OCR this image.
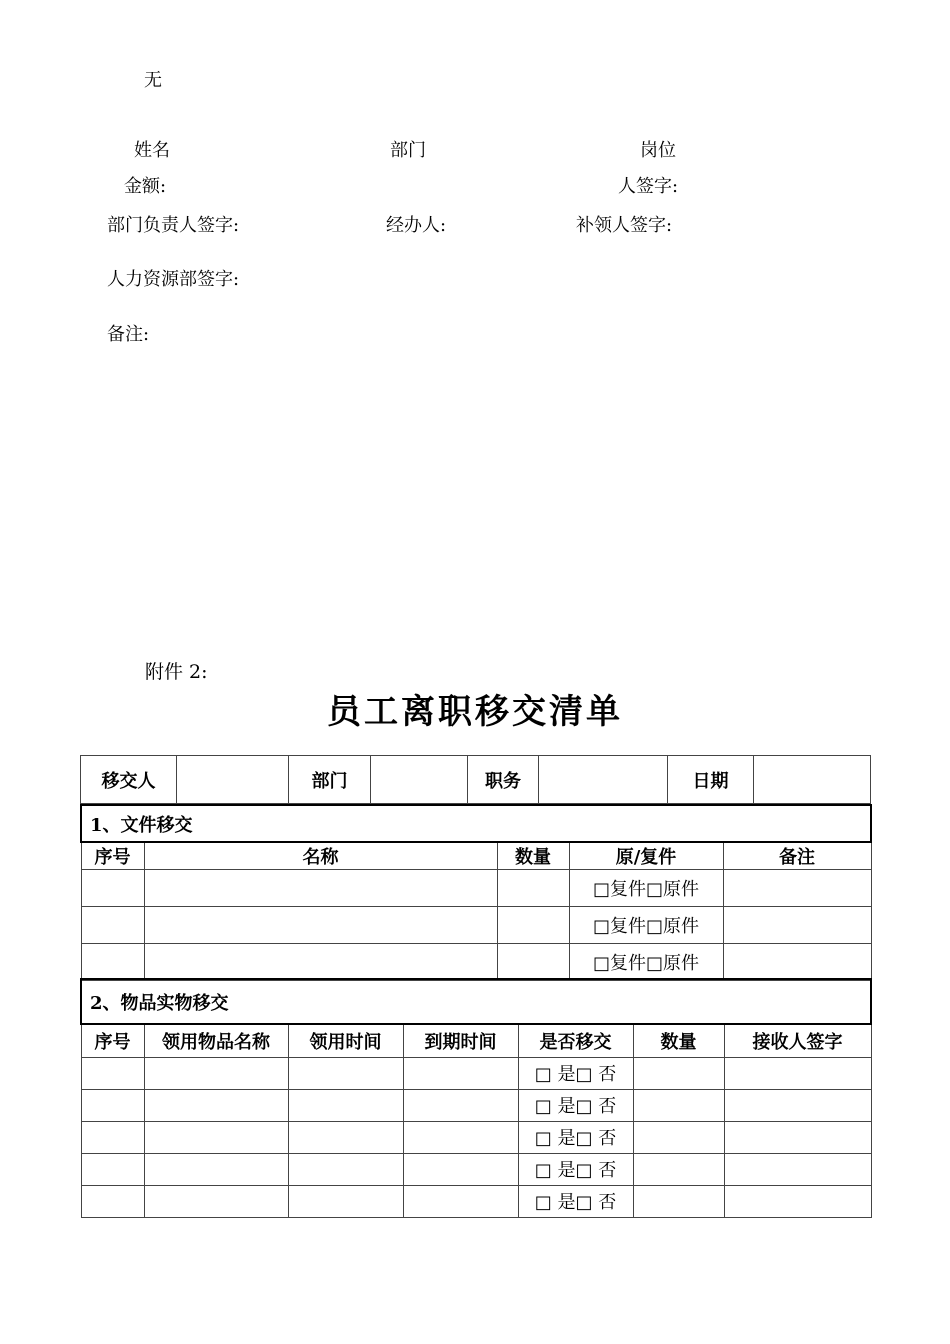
无
姓名	部门	岗位
金额:	人签字:
部门负责人签字:	经办人:	补领人签字:
人力资源部签字:
备注:
附件 2:
员工离职移交清单
移交人		部门		职务		日期	
1、文件移交				
序号	名称	数量	原/复件	备注
			□复件□原件	
			□复件□原件	
			□复件□原件	
2、物品实物移交						
序号	领用物品名称	领用时间	到期时间	是否移交	数量	接收人签字
				□ 是□ 否		
				□ 是□ 否		
				□ 是□ 否		
				□ 是□ 否		
				□ 是□ 否		
